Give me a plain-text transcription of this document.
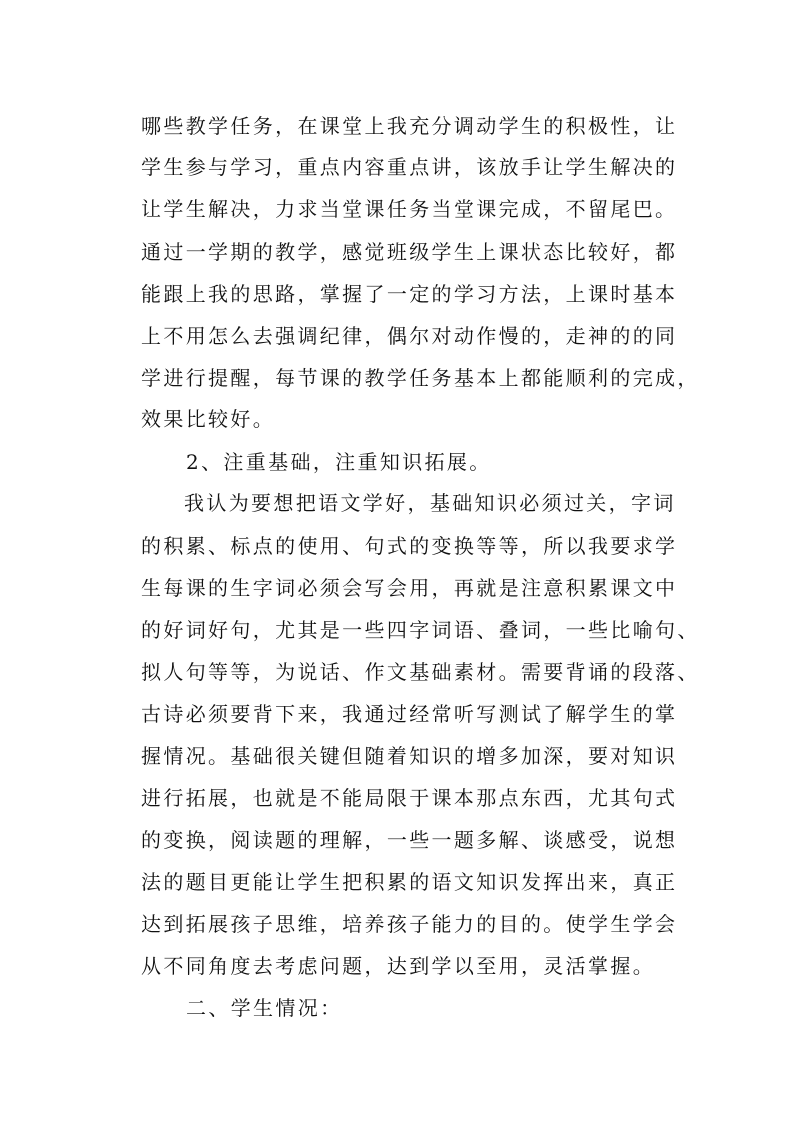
哪些教学任务，在课堂上我充分调动学生的积极性，让
学生参与学习，重点内容重点讲，该放手让学生解决的
让学生解决，力求当堂课任务当堂课完成，不留尾巴。
通过一学期的教学，感觉班级学生上课状态比较好，都
能跟上我的思路，掌握了一定的学习方法，上课时基本
上不用怎么去强调纪律，偶尔对动作慢的，走神的的同
学进行提醒，每节课的教学任务基本上都能顺利的完成，
效果比较好。
2、注重基础，注重知识拓展。
我认为要想把语文学好，基础知识必须过关，字词
的积累、标点的使用、句式的变换等等，所以我要求学
生每课的生字词必须会写会用，再就是注意积累课文中
的好词好句，尤其是一些四字词语、叠词，一些比喻句、
拟人句等等，为说话、作文基础素材。需要背诵的段落、
古诗必须要背下来，我通过经常听写测试了解学生的掌
握情况。基础很关键但随着知识的增多加深，要对知识
进行拓展，也就是不能局限于课本那点东西，尤其句式
的变换，阅读题的理解，一些一题多解、谈感受，说想
法的题目更能让学生把积累的语文知识发挥出来，真正
达到拓展孩子思维，培养孩子能力的目的。使学生学会
从不同角度去考虑问题，达到学以至用，灵活掌握。
二、学生情况：
